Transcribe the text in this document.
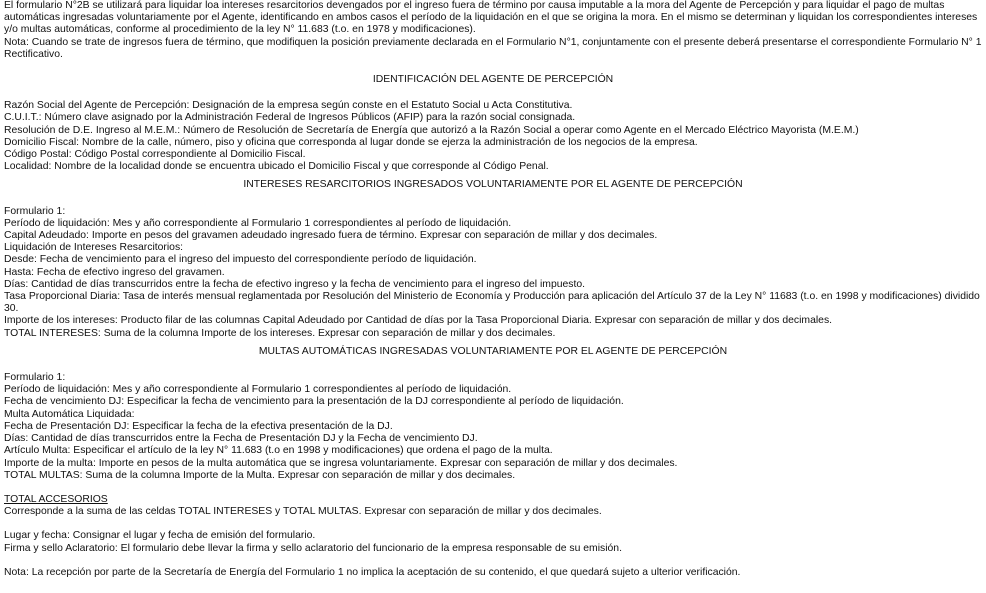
El formulario N°2B se utilizará para liquidar loa intereses resarcitorios devengados por el ingreso fuera de término por causa imputable a la mora del Agente de Percepción y para liquidar el pago de multas automáticas ingresadas voluntariamente por el Agente, identificando en ambos casos el período de la liquidación en el que se origina la mora. En el mismo se determinan y liquidan los correspondientes intereses y/o multas automáticas, conforme al procedimiento de la ley N° 11.683 (t.o. en 1978 y modificaciones).

Nota: Cuando se trate de ingresos fuera de término, que modifiquen la posición previamente declarada en el Formulario N°1, conjuntamente con el presente deberá presentarse el correspondiente Formulario N° 1 Rectificativo.

IDENTIFICACIÓN DEL AGENTE DE PERCEPCIÓN

Razón Social del Agente de Percepción: Designación de la empresa según conste en el Estatuto Social u Acta Constitutiva.

C.U.I.T.: Número clave asignado por la Administración Federal de Ingresos Públicos (AFIP) para la razón social consignada.

Resolución de D.E. Ingreso al M.E.M.: Número de Resolución de Secretaría de Energía que autorizó a la Razón Social a operar como Agente en el Mercado Eléctrico Mayorista (M.E.M.)

Domicilio Fiscal: Nombre de la calle, número, piso y oficina que corresponda al lugar donde se ejerza la administración de los negocios de la empresa.

Código Postal: Código Postal correspondiente al Domicilio Fiscal.

Localidad: Nombre de la localidad donde se encuentra ubicado el Domicilio Fiscal y que corresponde al Código Penal.

INTERESES RESARCITORIOS INGRESADOS VOLUNTARIAMENTE POR EL AGENTE DE PERCEPCIÓN

Formulario 1:

Período de liquidación: Mes y año correspondiente al Formulario 1 correspondientes al período de liquidación.

Capital Adeudado: Importe en pesos del gravamen adeudado ingresado fuera de término. Expresar con separación de millar y dos decimales.

Liquidación de Intereses Resarcitorios:

Desde: Fecha de vencimiento para el ingreso del impuesto del correspondiente período de liquidación.

Hasta: Fecha de efectivo ingreso del gravamen.

Días: Cantidad de días transcurridos entre la fecha de efectivo ingreso y la fecha de vencimiento para el ingreso del impuesto.

Tasa Proporcional Diaria: Tasa de interés mensual reglamentada por Resolución del Ministerio de Economía y Producción para aplicación del Artículo 37 de la Ley N° 11683 (t.o. en 1998 y modificaciones) dividido 30.

Importe de los intereses: Producto filar de las columnas Capital Adeudado por Cantidad de días por la Tasa Proporcional Diaria. Expresar con separación de millar y dos decimales.

TOTAL INTERESES: Suma de la columna Importe de los intereses. Expresar con separación de millar y dos decimales.

MULTAS AUTOMÁTICAS INGRESADAS VOLUNTARIAMENTE POR EL AGENTE DE PERCEPCIÓN

Formulario 1:

Período de liquidación: Mes y año correspondiente al Formulario 1 correspondientes al período de liquidación.

Fecha de vencimiento DJ: Especificar la fecha de vencimiento para la presentación de la DJ correspondiente al período de liquidación.

Multa Automática Liquidada:

Fecha de Presentación DJ: Especificar la fecha de la efectiva presentación de la DJ.

Días: Cantidad de días transcurridos entre la Fecha de Presentación DJ y la Fecha de vencimiento DJ.

Artículo Multa: Especificar el artículo de la ley N° 11.683 (t.o en 1998 y modificaciones) que ordena el pago de la multa.

Importe de la multa: Importe en pesos de la multa automática que se ingresa voluntariamente. Expresar con separación de millar y dos decimales.

TOTAL MULTAS: Suma de la columna Importe de la Multa. Expresar con separación de millar y dos decimales.

TOTAL ACCESORIOS

Corresponde a la suma de las celdas TOTAL INTERESES y TOTAL MULTAS. Expresar con separación de millar y dos decimales.

Lugar y fecha: Consignar el lugar y fecha de emisión del formulario.

Firma y sello Aclaratorio: El formulario debe llevar la firma y sello aclaratorio del funcionario de la empresa responsable de su emisión.

Nota: La recepción por parte de la Secretaría de Energía del Formulario 1 no implica la aceptación de su contenido, el que quedará sujeto a ulterior verificación.
